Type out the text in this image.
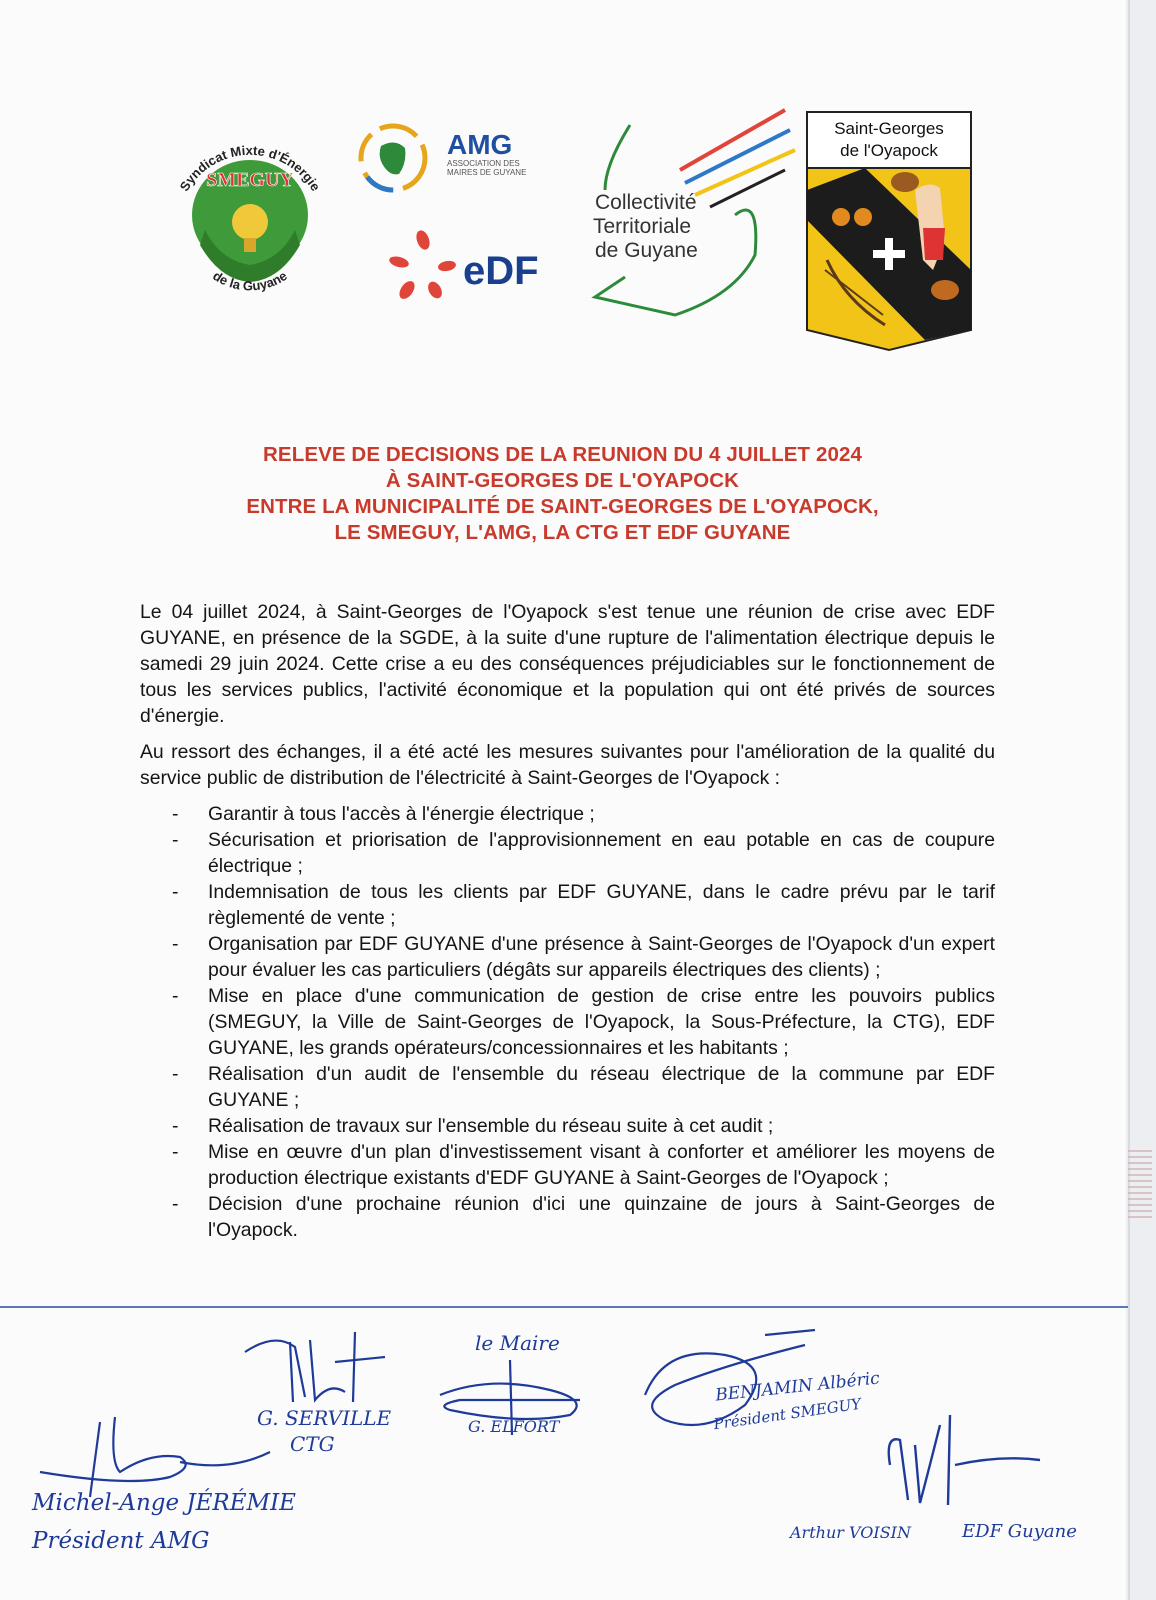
SMEGUY
Syndicat Mixte d'Énergie
de la Guyane
AMG
ASSOCIATION DES
MAIRES DE GUYANE
eDF
Collectivité
Territoriale
de Guyane
Saint-Georges
de l'Oyapock
RELEVE DE DECISIONS DE LA REUNION DU 4 JUILLET 2024
À SAINT-GEORGES DE L'OYAPOCK
ENTRE LA MUNICIPALITÉ DE SAINT-GEORGES DE L'OYAPOCK,
LE SMEGUY, L'AMG, LA CTG ET EDF GUYANE

Le 04 juillet 2024, à Saint-Georges de l'Oyapock s'est tenue une réunion de crise avec EDF GUYANE, en présence de la SGDE, à la suite d'une rupture de l'alimentation électrique depuis le samedi 29 juin 2024. Cette crise a eu des conséquences préjudiciables sur le fonctionnement de tous les services publics, l'activité économique et la population qui ont été privés de sources d'énergie.

Au ressort des échanges, il a été acté les mesures suivantes pour l'amélioration de la qualité du service public de distribution de l'électricité à Saint-Georges de l'Oyapock :

- Garantir à tous l'accès à l'énergie électrique ;
- Sécurisation et priorisation de l'approvisionnement en eau potable en cas de coupure électrique ;
- Indemnisation de tous les clients par EDF GUYANE, dans le cadre prévu par le tarif règlementé de vente ;
- Organisation par EDF GUYANE d'une présence à Saint-Georges de l'Oyapock d'un expert pour évaluer les cas particuliers (dégâts sur appareils électriques des clients) ;
- Mise en place d'une communication de gestion de crise entre les pouvoirs publics (SMEGUY, la Ville de Saint-Georges de l'Oyapock, la Sous-Préfecture, la CTG), EDF GUYANE, les grands opérateurs/concessionnaires et les habitants ;
- Réalisation d'un audit de l'ensemble du réseau électrique de la commune par EDF GUYANE ;
- Réalisation de travaux sur l'ensemble du réseau suite à cet audit ;
- Mise en œuvre d'un plan d'investissement visant à conforter et améliorer les moyens de production électrique existants d'EDF GUYANE à Saint-Georges de l'Oyapock ;
- Décision d'une prochaine réunion d'ici une quinzaine de jours à Saint-Georges de l'Oyapock.
G. SERVILLE
CTG
le Maire
G. ELFORT
BENJAMIN Albéric
Président SMEGUY
Michel-Ange JÉRÉMIE
Président AMG	Arthur VOISIN	EDF Guyane
